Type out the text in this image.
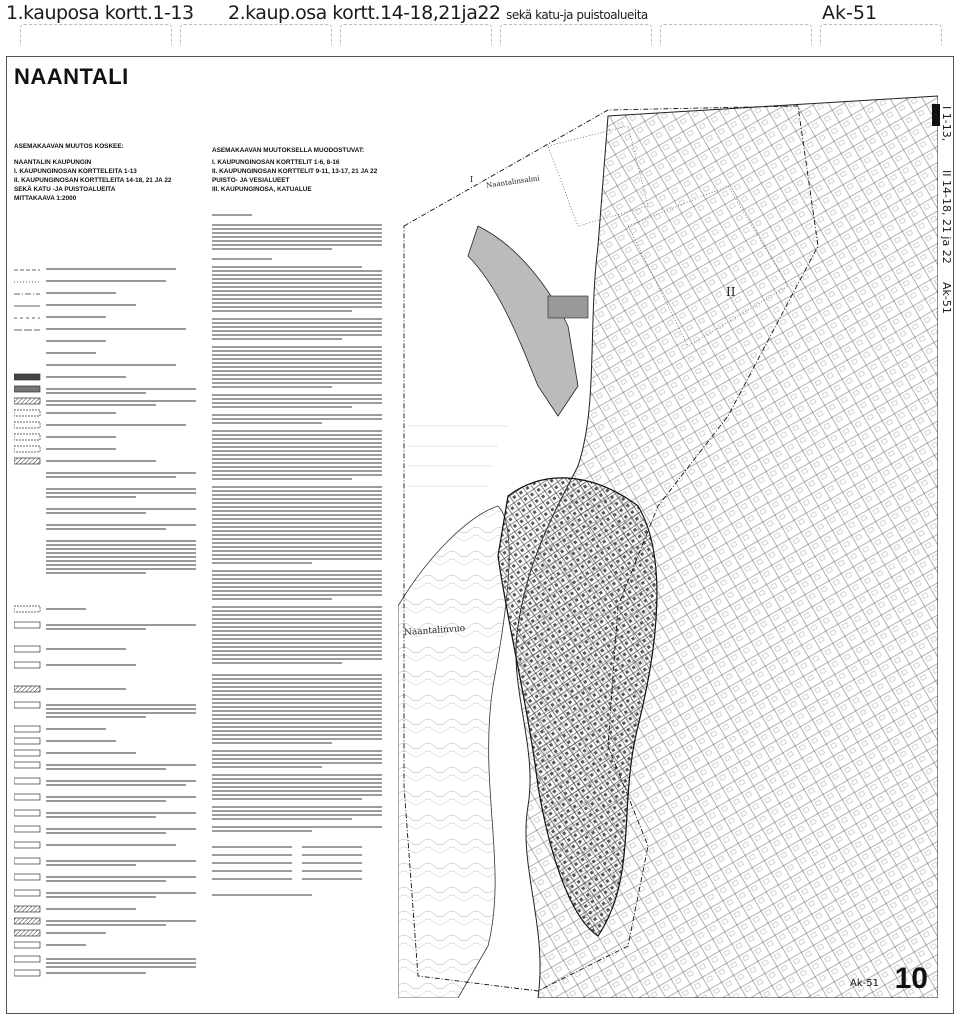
1.kauposa kortt.1-13 2.kaup.osa kortt.14-18,21ja22 sekä katu-ja puistoalueita	Ak-51
NAANTALI
ASEMAKAAVAN MUUTOS KOSKEE:
NAANTALIN KAUPUNGIN
I. KAUPUNGINOSAN KORTTELEITA 1-13
II. KAUPUNGINOSAN KORTTELEITA 14-18, 21 JA 22
SEKÄ KATU -JA PUISTOALUEITA
MITTAKAAVA 1:2000
ASEMAKAAVAN MUUTOKSELLA MUODOSTUVAT:
I. KAUPUNGINOSAN KORTTELIT 1-6, 8-16
II. KAUPUNGINOSAN KORTTELIT 9-11, 13-17, 21 JA 22
PUISTO- JA VESIALUEET
III. KAUPUNGINOSA, KATUALUE
I
II
Naantalinsalmi
Naantalinvuo
I 1-13,
II 14-18, 21 ja 22
Ak-51
Ak-51 10
